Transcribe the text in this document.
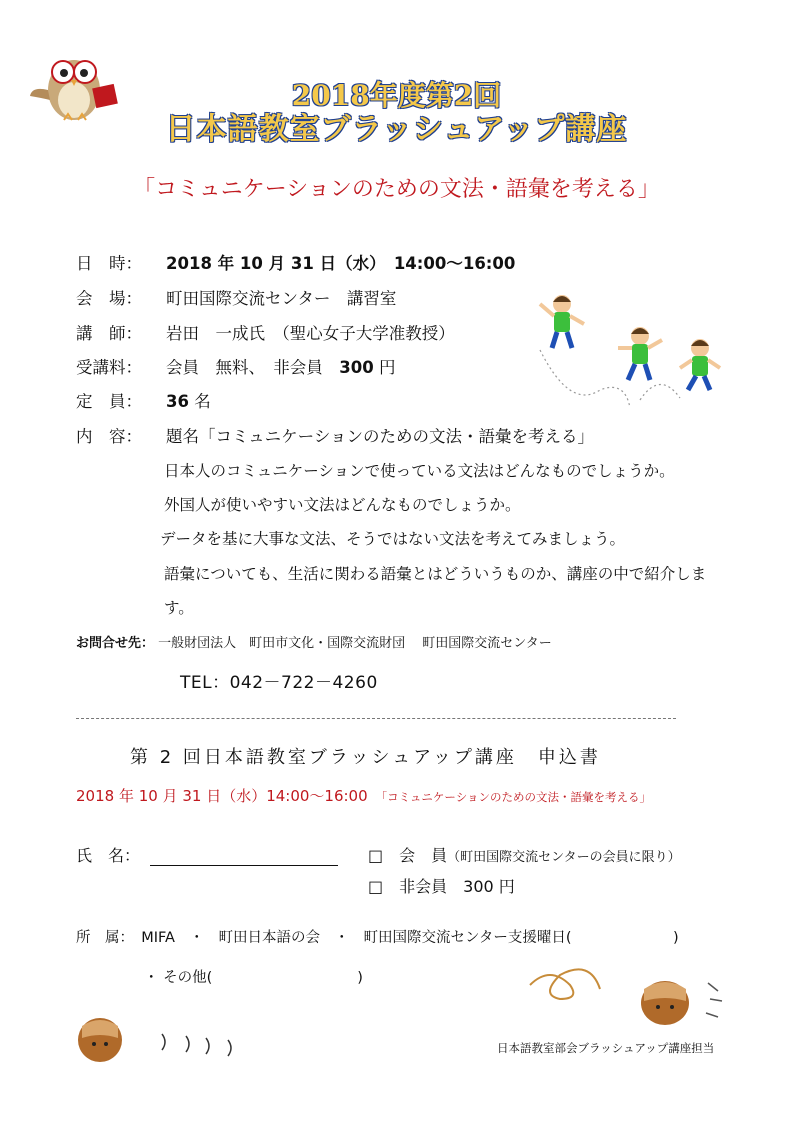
2018年度第2回
日本語教室ブラッシュアップ講座
「コミュニケーションのための文法・語彙を考える」
日　時： 2018 年 10 月 31 日（水）　14:00～16:00
会　場： 町田国際交流センター　講習室
講　師： 岩田　一成氏　（聖心女子大学准教授）
受講料： 会員　無料、　非会員　300 円
定　員： 36 名
内　容： 題名「コミュニケーションのための文法・語彙を考える」
日本人のコミュニケーションで使っている文法はどんなものでしょうか。
外国人が使いやすい文法はどんなものでしょうか。
データを基に大事な文法、そうではない文法を考えてみましょう。
語彙についても、生活に関わる語彙とはどういうものか、講座の中で紹介しま
す。
お問合せ先： 一般財団法人　町田市文化・国際交流財団　 町田国際交流センター
TEL：042－722－4260
第 2 回日本語教室ブラッシュアップ講座　申込書
2018 年 10 月 31 日（水）14:00～16:00 「コミュニケーションのための文法・語彙を考える」
氏　名：	□　 会　員（町田国際交流センターの会員に限り）
□　 非会員　300 円
所　属：　 MIFA　・　町田日本語の会　・　町田国際交流センター支援曜日(　　　　　　　)
・ その他(　　　　　　　　　　)
日本語教室部会ブラッシュアップ講座担当
